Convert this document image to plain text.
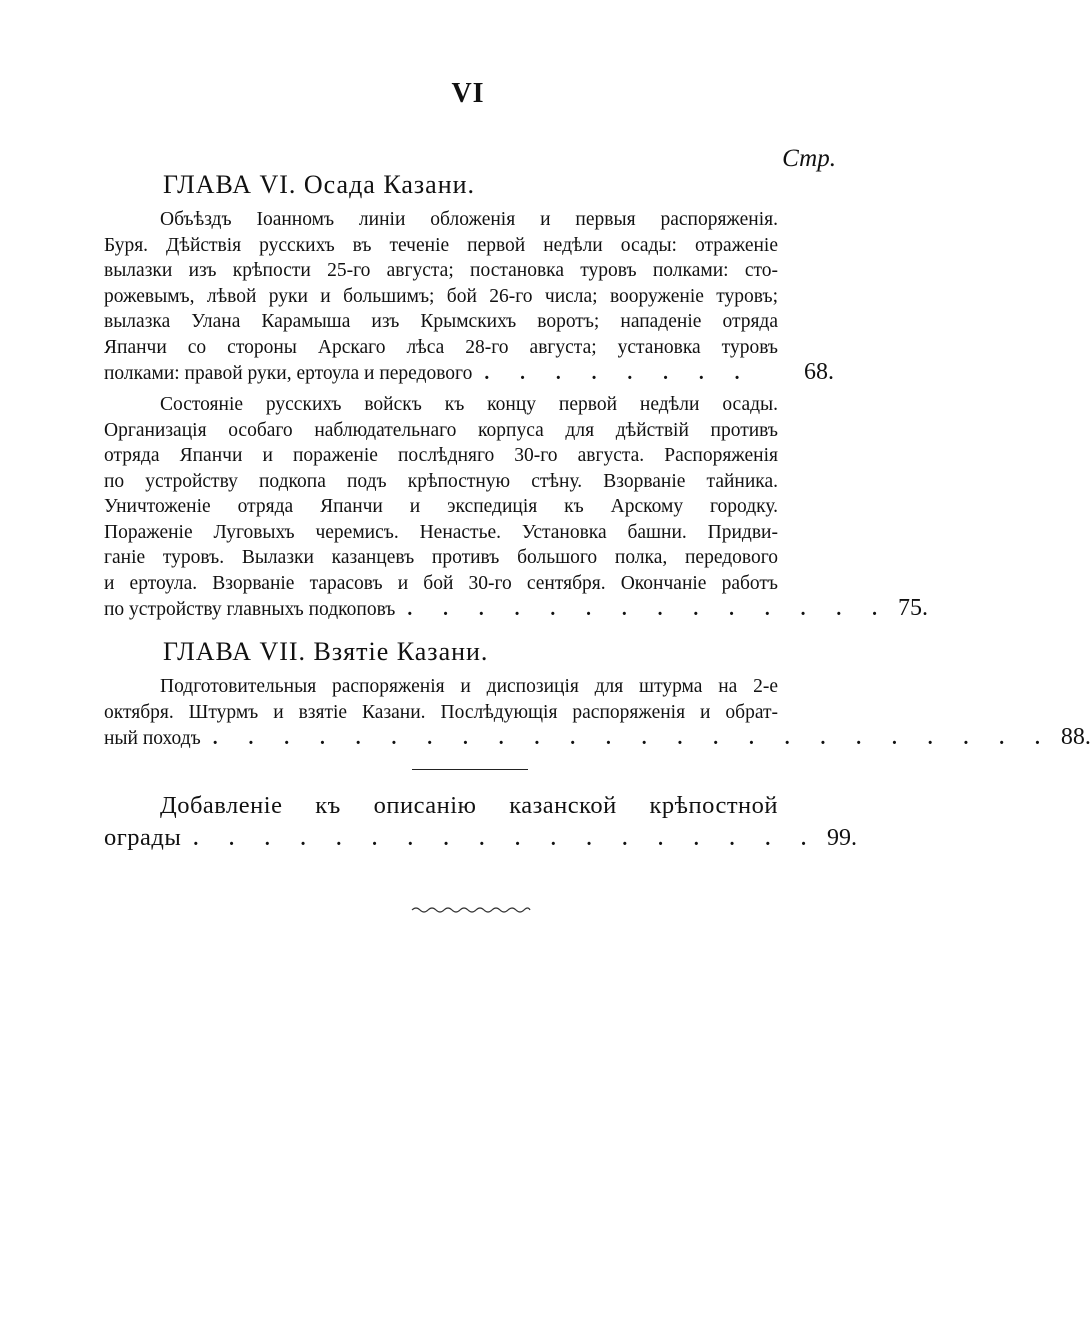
VI
Стр.
ГЛАВА VI. Осада Казани.
Объѣздъ Іоанномъ линіи обложенія и первыя распоряженія.
Буря. Дѣйствія русскихъ въ теченіе первой недѣли осады: отраженіе
вылазки изъ крѣпости 25-го августа; постановка туровъ полками: сто-
рожевымъ, лѣвой руки и большимъ; бой 26-го числа; вооруженіе туровъ;
вылазка Улана Карамыша изъ Крымскихъ воротъ; нападеніе отряда
Япанчи со стороны Арскаго лѣса 28-го августа; установка туровъ
полками: правой руки, ертоула и передового . . . . . . . .	68.
Состояніе русскихъ войскъ къ концу первой недѣли осады.
Организація особаго наблюдательнаго корпуса для дѣйствій противъ
отряда Япанчи и пораженіе послѣдняго 30-го августа. Распоряженія
по устройству подкопа подъ крѣпостную стѣну. Взорваніе тайника.
Уничтоженіе отряда Япанчи и экспедиція къ Арскому городку.
Пораженіе Луговыхъ черемисъ. Ненастье. Установка башни. Придви-
ганіе туровъ. Вылазки казанцевъ противъ большого полка, передового
и ертоула. Взорваніе тарасовъ и бой 30-го сентября. Окончаніе работъ
по устройству главныхъ подкоповъ . . . . . . . . . . . . . . 75.
ГЛАВА VII. Взятіе Казани.
Подготовительныя распоряженія и диспозиція для штурма на 2-е
октября. Штурмъ и взятіе Казани. Послѣдующія распоряженія и обрат-
ный походъ . . . . . . . . . . . . . . . . . . . . . . . . 88.
Добавленіе къ описанію казанской крѣпостной
ограды . . . . . . . . . . . . . . . . . . 99.
